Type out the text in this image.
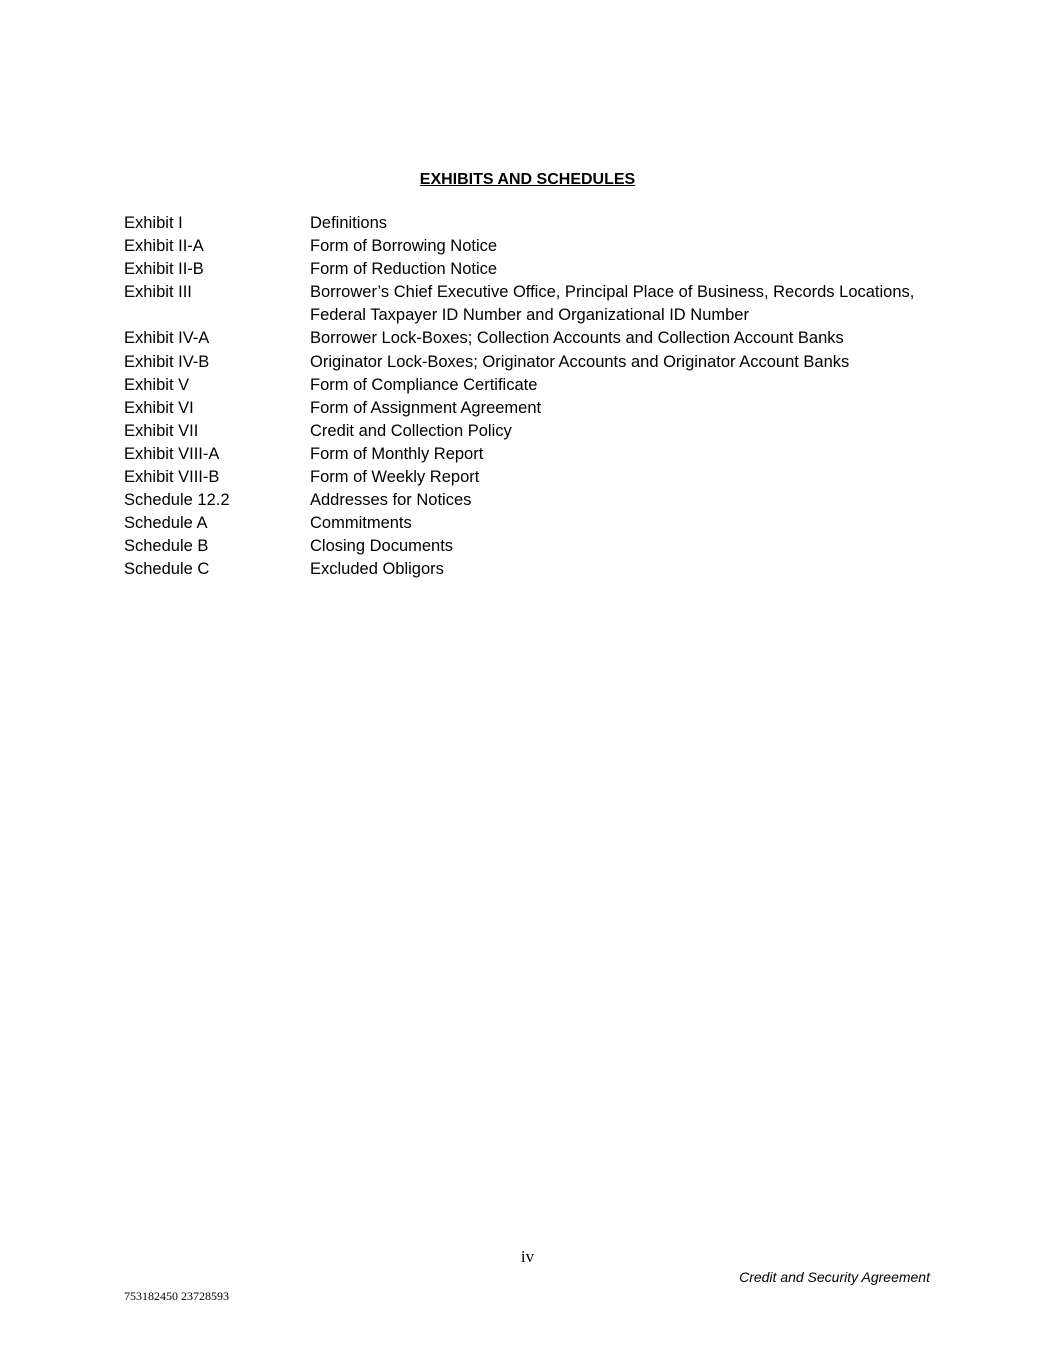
EXHIBITS AND SCHEDULES
Exhibit I	Definitions
Exhibit II-A	Form of Borrowing Notice
Exhibit II-B	Form of Reduction Notice
Exhibit III	Borrower’s Chief Executive Office, Principal Place of Business, Records Locations, Federal Taxpayer ID Number and Organizational ID Number
Exhibit IV-A	Borrower Lock-Boxes; Collection Accounts and Collection Account Banks
Exhibit IV-B	Originator Lock-Boxes; Originator Accounts and Originator Account Banks
Exhibit V	Form of Compliance Certificate
Exhibit VI	Form of Assignment Agreement
Exhibit VII	Credit and Collection Policy
Exhibit VIII-A	Form of Monthly Report
Exhibit VIII-B	Form of Weekly Report
Schedule 12.2	Addresses for Notices
Schedule A	Commitments
Schedule B	Closing Documents
Schedule C	Excluded Obligors
iv
Credit and Security Agreement
753182450 23728593
